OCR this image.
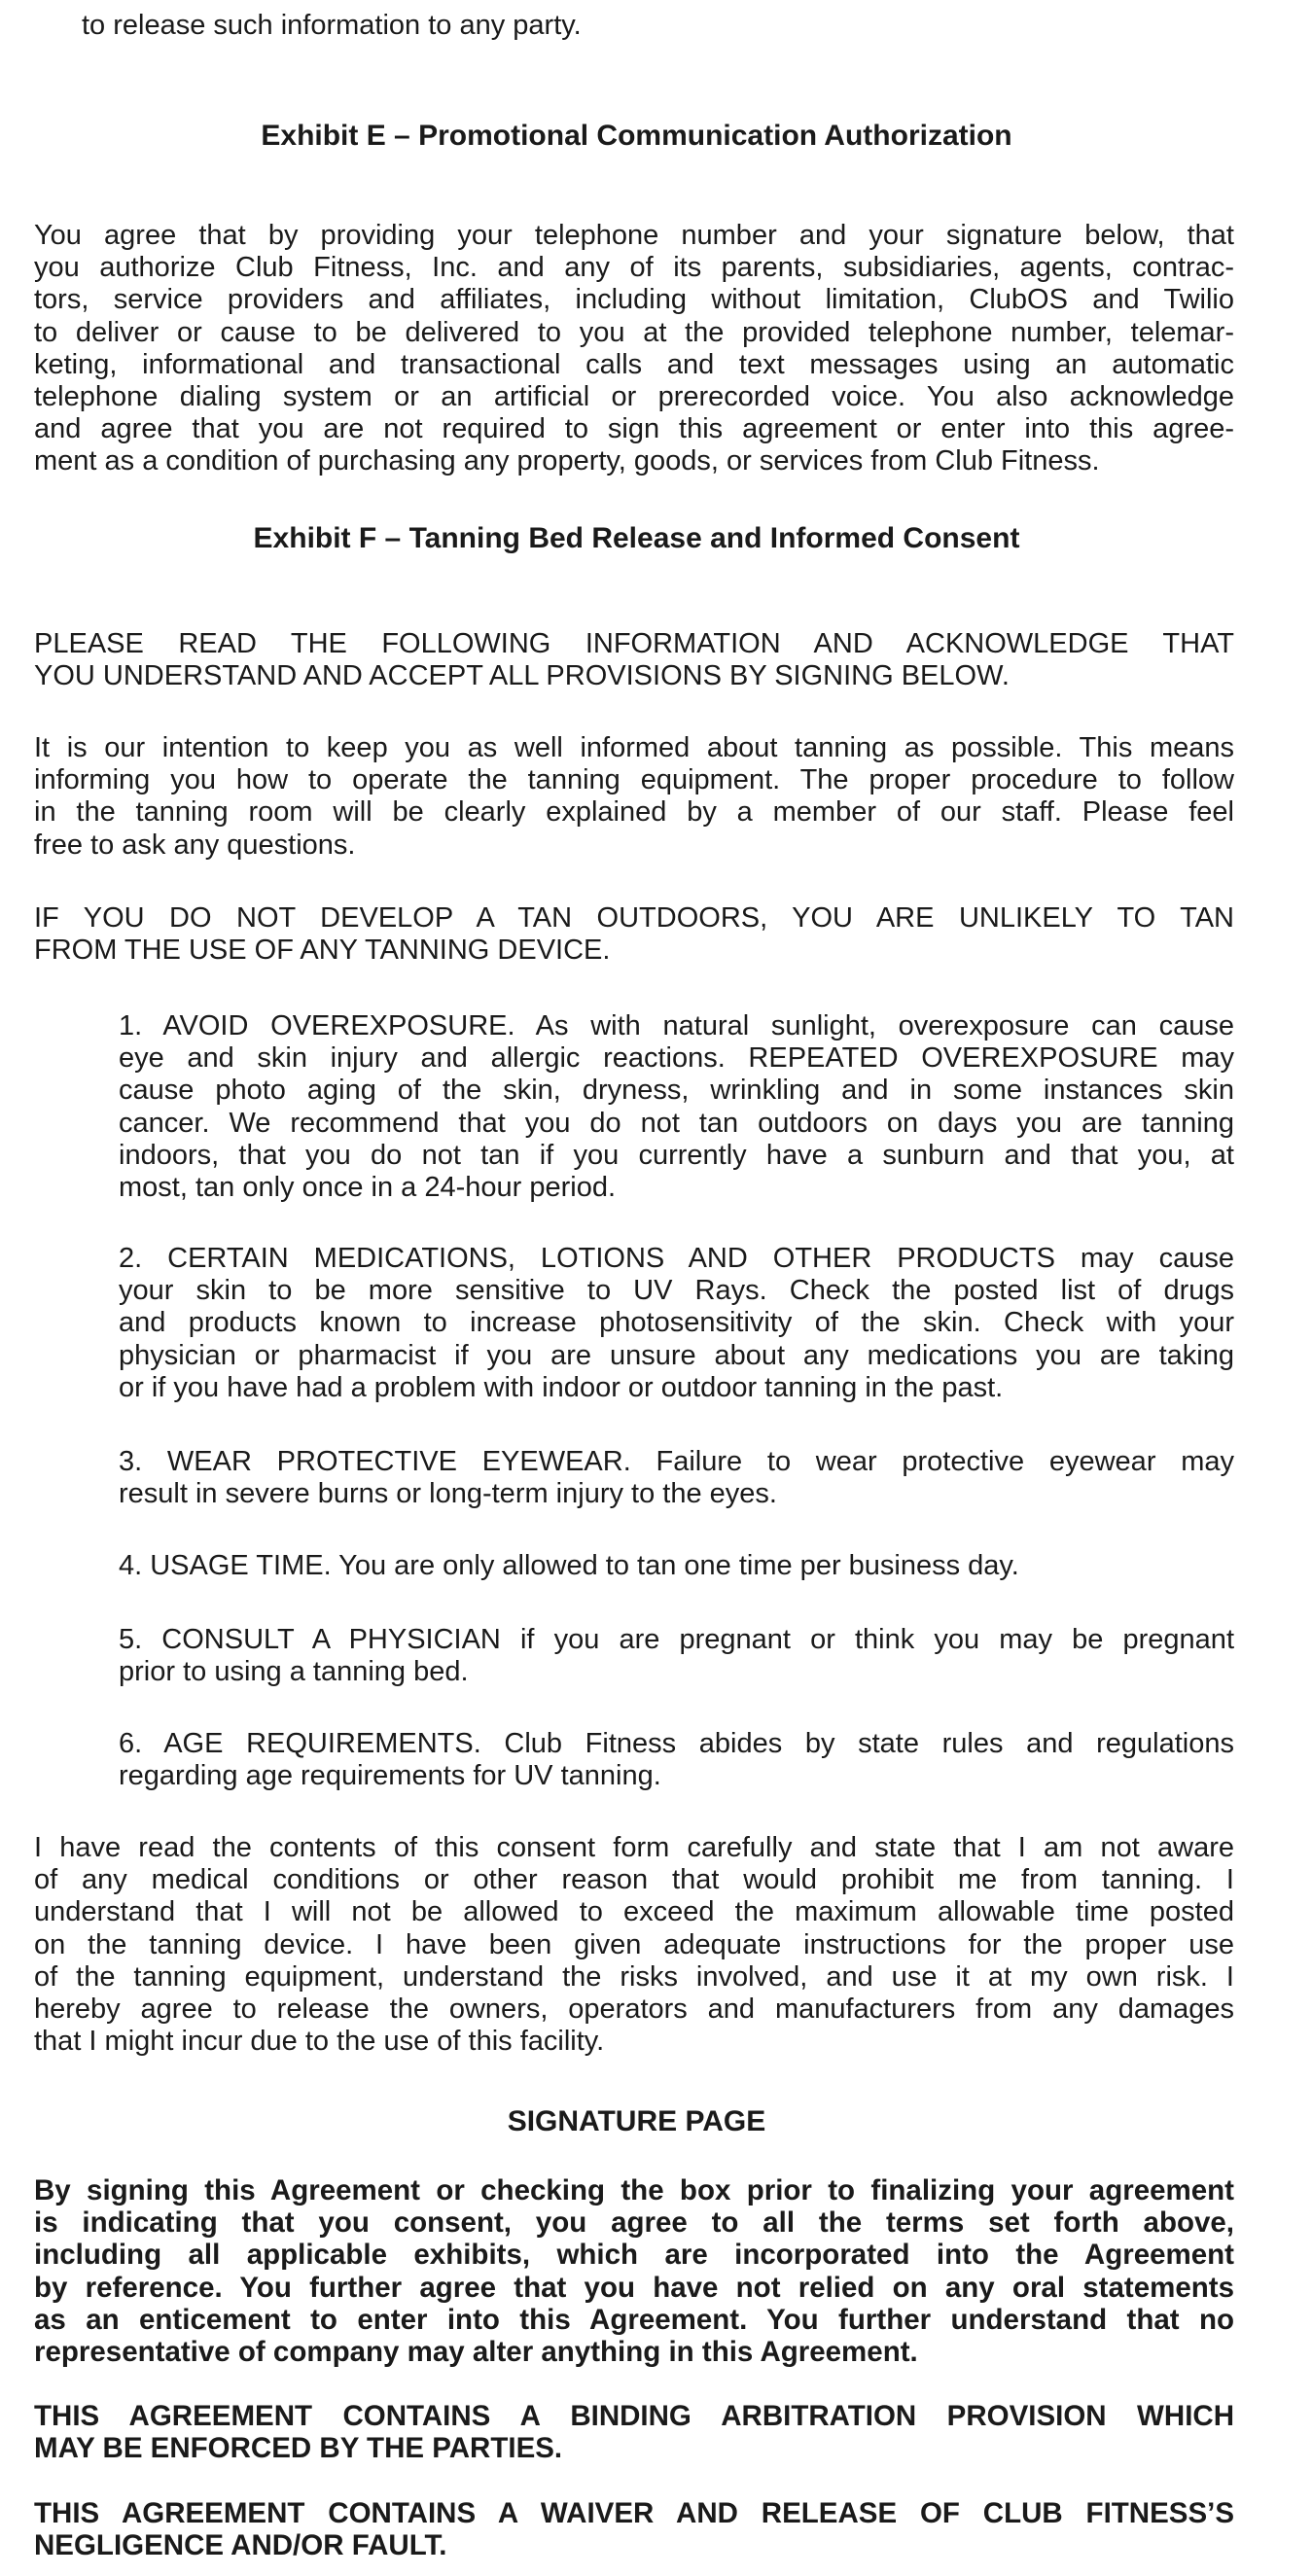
to release such information to any party.

Exhibit E – Promotional Communication Authorization
You agree that by providing your telephone number and your signature below, that
you authorize Club Fitness, Inc. and any of its parents, subsidiaries, agents, contrac-
tors, service providers and affiliates, including without limitation, ClubOS and Twilio
to deliver or cause to be delivered to you at the provided telephone number, telemar-
keting, informational and transactional calls and text messages using an automatic
telephone dialing system or an artificial or prerecorded voice. You also acknowledge
and agree that you are not required to sign this agreement or enter into this agree-
ment as a condition of purchasing any property, goods, or services from Club Fitness.
Exhibit F – Tanning Bed Release and Informed Consent
PLEASE READ THE FOLLOWING INFORMATION AND ACKNOWLEDGE THAT
YOU UNDERSTAND AND ACCEPT ALL PROVISIONS BY SIGNING BELOW.
It is our intention to keep you as well informed about tanning as possible. This means
informing you how to operate the tanning equipment. The proper procedure to follow
in the tanning room will be clearly explained by a member of our staff. Please feel
free to ask any questions.
IF YOU DO NOT DEVELOP A TAN OUTDOORS, YOU ARE UNLIKELY TO TAN
FROM THE USE OF ANY TANNING DEVICE.
1. AVOID OVEREXPOSURE. As with natural sunlight, overexposure can cause
eye and skin injury and allergic reactions. REPEATED OVEREXPOSURE may
cause photo aging of the skin, dryness, wrinkling and in some instances skin
cancer. We recommend that you do not tan outdoors on days you are tanning
indoors, that you do not tan if you currently have a sunburn and that you, at
most, tan only once in a 24-hour period.
2. CERTAIN MEDICATIONS, LOTIONS AND OTHER PRODUCTS may cause
your skin to be more sensitive to UV Rays. Check the posted list of drugs
and products known to increase photosensitivity of the skin. Check with your
physician or pharmacist if you are unsure about any medications you are taking
or if you have had a problem with indoor or outdoor tanning in the past.
3. WEAR PROTECTIVE EYEWEAR. Failure to wear protective eyewear may
result in severe burns or long-term injury to the eyes.
4. USAGE TIME. You are only allowed to tan one time per business day.
5. CONSULT A PHYSICIAN if you are pregnant or think you may be pregnant
prior to using a tanning bed.
6. AGE REQUIREMENTS. Club Fitness abides by state rules and regulations
regarding age requirements for UV tanning.
I have read the contents of this consent form carefully and state that I am not aware
of any medical conditions or other reason that would prohibit me from tanning. I
understand that I will not be allowed to exceed the maximum allowable time posted
on the tanning device. I have been given adequate instructions for the proper use
of the tanning equipment, understand the risks involved, and use it at my own risk. I
hereby agree to release the owners, operators and manufacturers from any damages
that I might incur due to the use of this facility.
SIGNATURE PAGE
By signing this Agreement or checking the box prior to finalizing your agreement
is indicating that you consent, you agree to all the terms set forth above,
including all applicable exhibits, which are incorporated into the Agreement
by reference. You further agree that you have not relied on any oral statements
as an enticement to enter into this Agreement. You further understand that no
representative of company may alter anything in this Agreement.
THIS AGREEMENT CONTAINS A BINDING ARBITRATION PROVISION WHICH
MAY BE ENFORCED BY THE PARTIES.
THIS AGREEMENT CONTAINS A WAIVER AND RELEASE OF CLUB FITNESS’S
NEGLIGENCE AND/OR FAULT.
